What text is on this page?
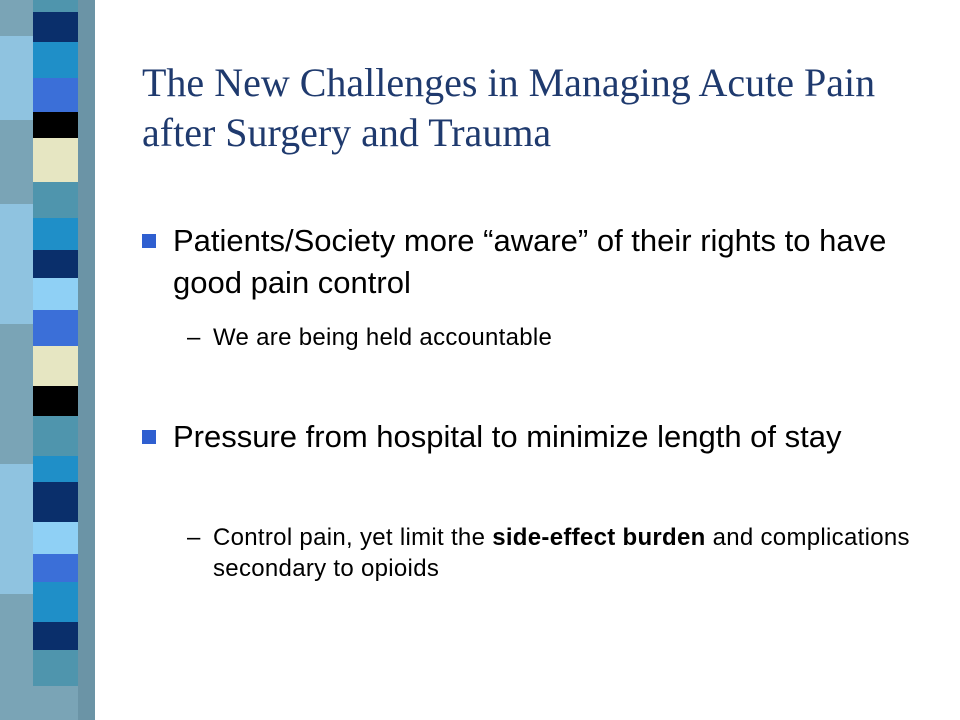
The New Challenges in Managing Acute Pain after Surgery and Trauma
Patients/Society more “aware” of their rights to have good pain control
– We are being held accountable
Pressure from hospital to minimize length of stay
– Control pain, yet limit the side-effect burden and complications secondary to opioids
